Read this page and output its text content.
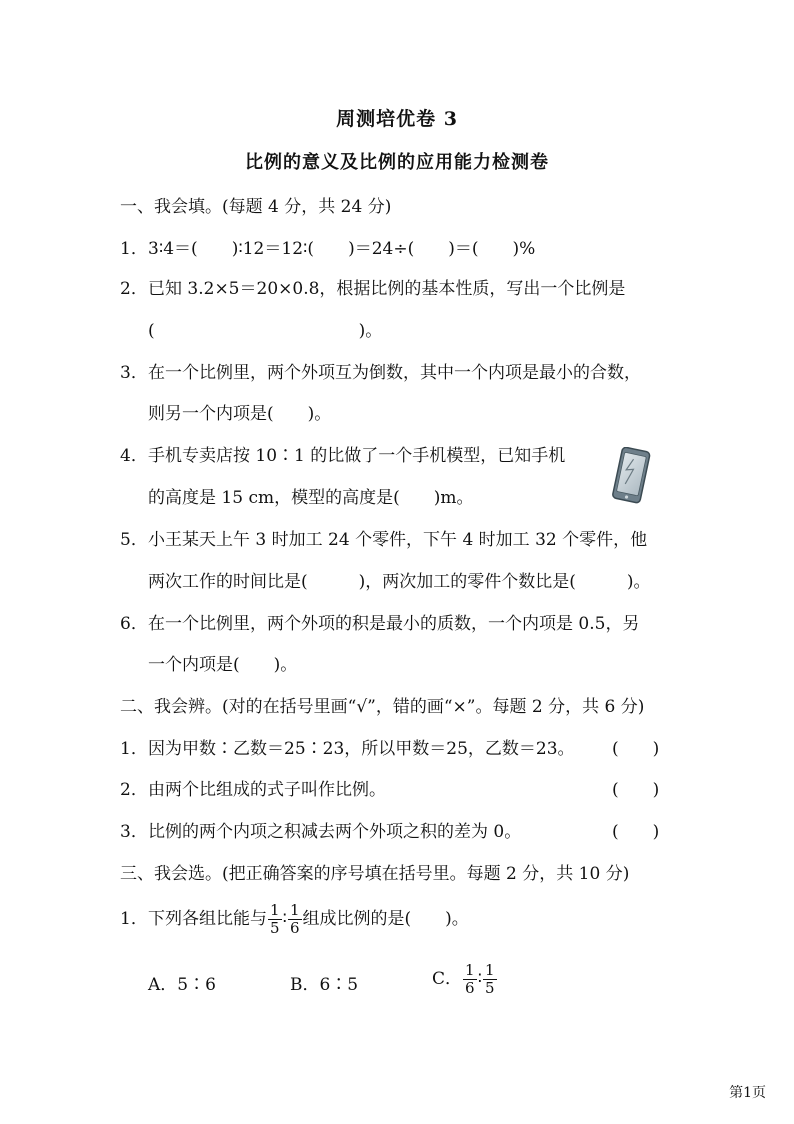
周测培优卷 3
比例的意义及比例的应用能力检测卷
一、我会填。(每题 4 分，共 24 分)
1．3∶4＝(　　)∶12＝12∶(　　)＝24÷(　　)＝(　　)%
2．已知 3.2×5＝20×0.8，根据比例的基本性质，写出一个比例是
(　　　　　　　　　　　　)。
3．在一个比例里，两个外项互为倒数，其中一个内项是最小的合数，
则另一个内项是(　　)。
4．手机专卖店按 10∶1 的比做了一个手机模型，已知手机
的高度是 15 cm，模型的高度是(　　)m。
5．小王某天上午 3 时加工 24 个零件，下午 4 时加工 32 个零件，他
两次工作的时间比是(　　　)，两次加工的零件个数比是(　　　)。
6．在一个比例里，两个外项的积是最小的质数，一个内项是 0.5，另
一个内项是(　　)。
二、我会辨。(对的在括号里画“√”，错的画“×”。每题 2 分，共 6 分)
1．因为甲数∶乙数＝25∶23，所以甲数＝25，乙数＝23。 (　　)
2．由两个比组成的式子叫作比例。	(　　)
3．比例的两个内项之积减去两个外项之积的差为 0。	(　　)
三、我会选。(把正确答案的序号填在括号里。每题 2 分，共 10 分)
1．下列各组比能与 $\frac{1}{5}$ ∶ $\frac{1}{6}$ 组成比例的是(　　)。
A．5∶6	B．6∶5	C． $\frac{1}{6}$ ∶ $\frac{1}{5}$
第1页
